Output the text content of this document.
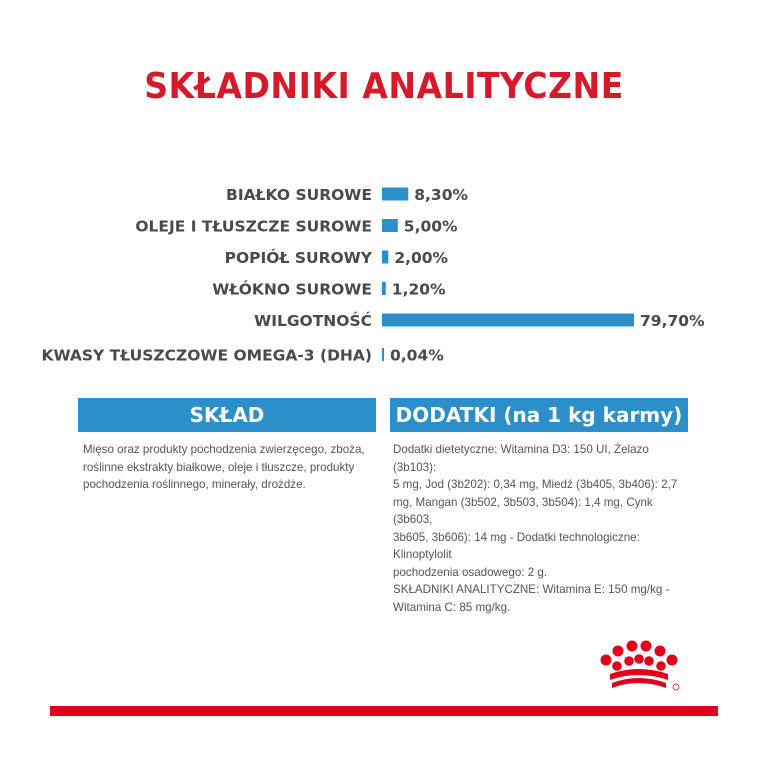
SKŁADNIKI ANALITYCZNE
BIAŁKO SUROWE	8,30%
OLEJE I TŁUSZCZE SUROWE 5,00%
POPIÓŁ SUROWY 2,00%
WŁÓKNO SUROWE 1,20%
WILGOTNOŚĆ	79,70%
KWASY TŁUSZCZOWE OMEGA-3 (DHA) 0,04%
SKŁAD	DODATKI (na 1 kg karmy)
Mięso oraz produkty pochodzenia zwierzęcego, zboża,
roślinne ekstrakty białkowe, oleje i tłuszcze, produkty
pochodzenia roślinnego, minerały, drożdże.
Dodatki dietetyczne: Witamina D3: 150 UI, Żelazo (3b103):
5 mg, Jod (3b202): 0,34 mg, Miedź (3b405, 3b406): 2,7
mg, Mangan (3b502, 3b503, 3b504): 1,4 mg, Cynk (3b603,
3b605, 3b606): 14 mg - Dodatki technologiczne: Klinoptylolit
pochodzenia osadowego: 2 g.
SKŁADNIKI ANALITYCZNE: Witamina E: 150 mg/kg -
Witamina C: 85 mg/kg.
